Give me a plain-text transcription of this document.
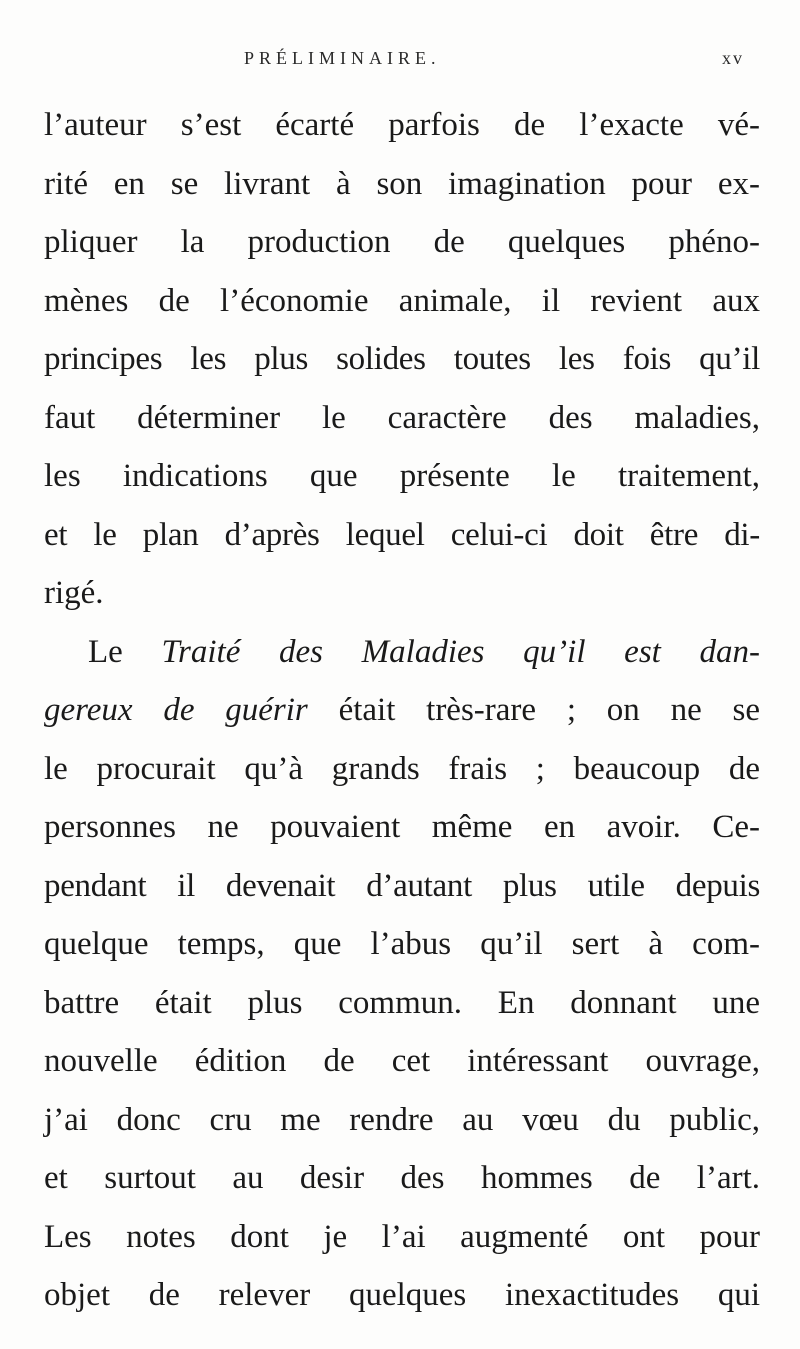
PRÉLIMINAIRE.	xv
l’auteur s’est écarté parfois de l’exacte vé-
rité en se livrant à son imagination pour ex-
pliquer la production de quelques phéno-
mènes de l’économie animale, il revient aux
principes les plus solides toutes les fois qu’il
faut déterminer le caractère des maladies,
les indications que présente le traitement,
et le plan d’après lequel celui-ci doit être di-
rigé.
Le Traité des Maladies qu’il est dan-
gereux de guérir était très-rare ; on ne se
le procurait qu’à grands frais ; beaucoup de
personnes ne pouvaient même en avoir. Ce-
pendant il devenait d’autant plus utile depuis
quelque temps, que l’abus qu’il sert à com-
battre était plus commun. En donnant une
nouvelle édition de cet intéressant ouvrage,
j’ai donc cru me rendre au vœu du public,
et surtout au desir des hommes de l’art.
Les notes dont je l’ai augmenté ont pour
objet de relever quelques inexactitudes qui
